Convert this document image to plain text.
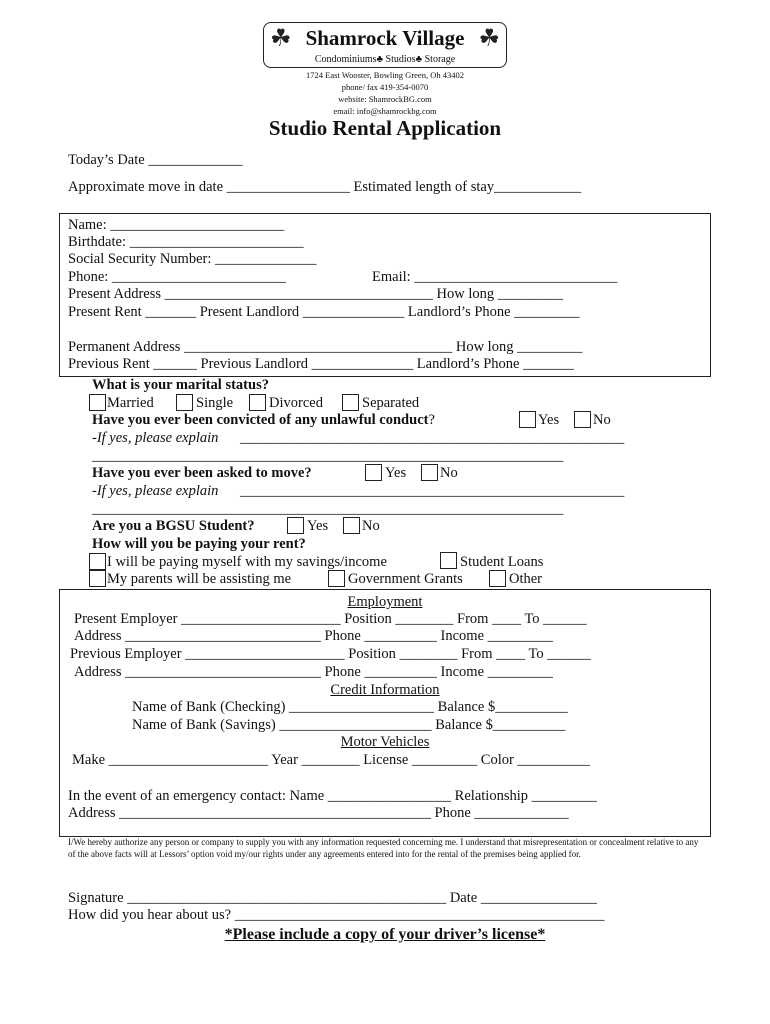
☘	☘
Shamrock Village
Condominiums♣ Studios♣ Storage
1724 East Wooster, Bowling Green, Oh 43402
phone/ fax 419-354-0070
website: ShamrockBG.com
email: info@shamrockbg.com
Studio Rental Application
Today’s Date _____________
Approximate move in date _________________ Estimated length of stay____________
Name: ________________________
Birthdate: ________________________
Social Security Number: ______________
Phone: ________________________	Email: ____________________________
Present Address _____________________________________ How long _________
Present Rent _______ Present Landlord ______________ Landlord’s Phone _________
Permanent Address _____________________________________ How long _________
Previous Rent ______ Previous Landlord ______________ Landlord’s Phone _______
What is your marital status?
Married	Single Divorced	Separated
Have you ever been convicted of any unlawful conduct?	Yes No
-If yes, please explain _____________________________________________________
_________________________________________________________________
Have you ever been asked to move?	Yes No
-If yes, please explain _____________________________________________________
_________________________________________________________________
Are you a BGSU Student?	Yes No
How will you be paying your rent?
I will be paying myself with my savings/income	Student Loans
My parents will be assisting me	Government Grants	Other
Employment
Present Employer ______________________ Position ________ From ____ To ______
Address ___________________________ Phone __________ Income _________
Previous Employer ______________________ Position ________ From ____ To ______
Address ___________________________ Phone __________ Income _________
Credit Information
Name of Bank (Checking) ____________________ Balance $__________
Name of Bank (Savings) _____________________ Balance $__________
Motor Vehicles
Make ______________________ Year ________ License _________ Color __________
In the event of an emergency contact: Name _________________ Relationship _________
Address ___________________________________________ Phone _____________
I/We hereby authorize any person or company to supply you with any information requested concerning me. I understand that misrepresentation or concealment relative to any of the above facts will at Lessors’ option void my/our rights under any agreements entered into for the rental of the premises being applied for.
Signature ____________________________________________ Date ________________
How did you hear about us? ___________________________________________________
*Please include a copy of your driver’s license*
